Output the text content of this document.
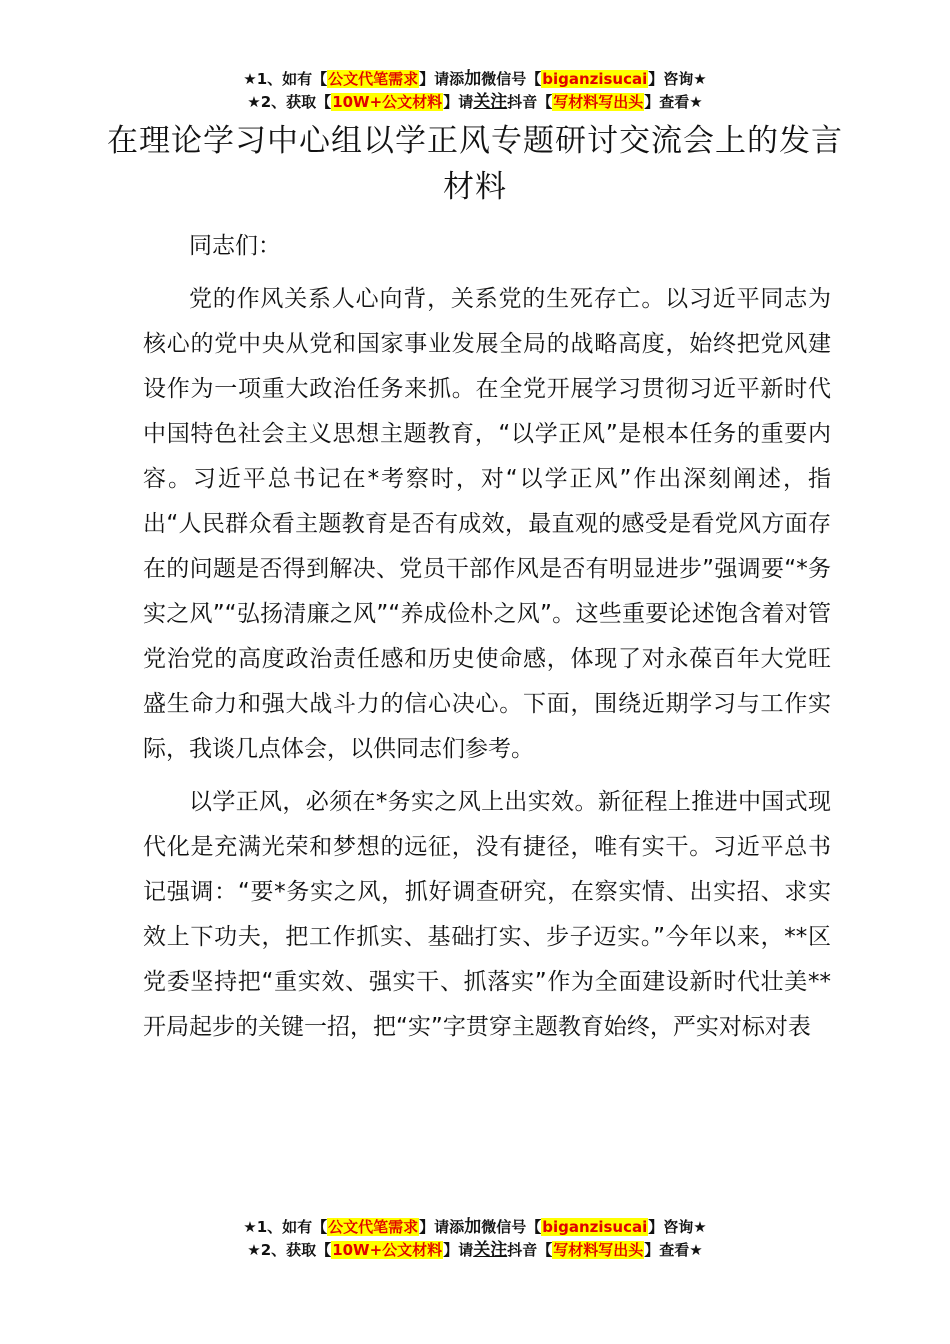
★1、如有【公文代笔需求】请添加微信号【biganzisucai】咨询★
★2、获取【10W+公文材料】请关注抖音【写材料写出头】查看★
在理论学习中心组以学正风专题研讨交流会上的发言材料

同志们：

党的作风关系人心向背，关系党的生死存亡。以习近平同志为核心的党中央从党和国家事业发展全局的战略高度，始终把党风建设作为一项重大政治任务来抓。在全党开展学习贯彻习近平新时代中国特色社会主义思想主题教育，“以学正风”是根本任务的重要内容。习近平总书记在*考察时，对“以学正风”作出深刻阐述，指出“人民群众看主题教育是否有成效，最直观的感受是看党风方面存在的问题是否得到解决、党员干部作风是否有明显进步”强调要“*务实之风”“弘扬清廉之风”“养成俭朴之风”。这些重要论述饱含着对管党治党的高度政治责任感和历史使命感，体现了对永葆百年大党旺盛生命力和强大战斗力的信心决心。下面，围绕近期学习与工作实际，我谈几点体会，以供同志们参考。

以学正风，必须在*务实之风上出实效。新征程上推进中国式现代化是充满光荣和梦想的远征，没有捷径，唯有实干。习近平总书记强调：“要*务实之风，抓好调查研究，在察实情、出实招、求实效上下功夫，把工作抓实、基础打实、步子迈实。”今年以来，**区党委坚持把“重实效、强实干、抓落实”作为全面建设新时代壮美**开局起步的关键一招，把“实”字贯穿主题教育始终，严实对标对表

★1、如有【公文代笔需求】请添加微信号【biganzisucai】咨询★
★2、获取【10W+公文材料】请关注抖音【写材料写出头】查看★
